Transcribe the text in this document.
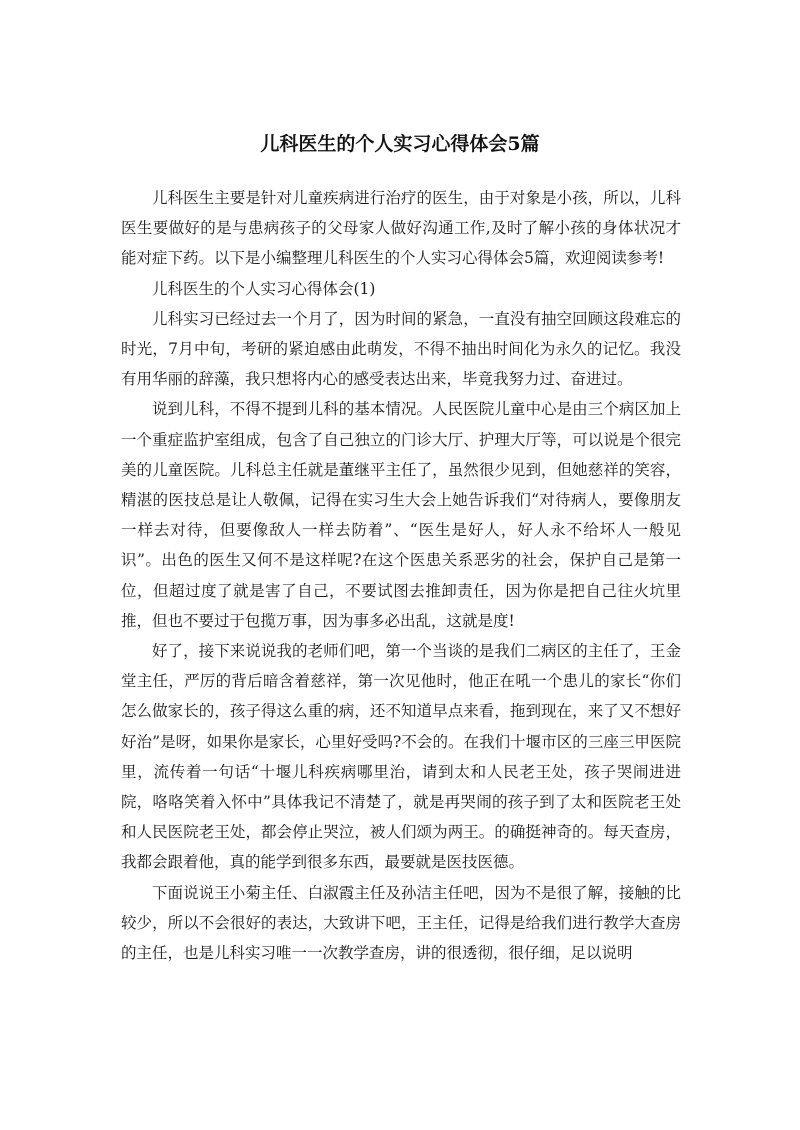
儿科医生的个人实习心得体会5篇

儿科医生主要是针对儿童疾病进行治疗的医生，由于对象是小孩，所以，儿科医生要做好的是与患病孩子的父母家人做好沟通工作,及时了解小孩的身体状况才能对症下药。以下是小编整理儿科医生的个人实习心得体会5篇，欢迎阅读参考!

儿科医生的个人实习心得体会(1)

儿科实习已经过去一个月了，因为时间的紧急，一直没有抽空回顾这段难忘的时光，7月中旬，考研的紧迫感由此萌发，不得不抽出时间化为永久的记忆。我没有用华丽的辞藻，我只想将内心的感受表达出来，毕竟我努力过、奋进过。

说到儿科，不得不提到儿科的基本情况。人民医院儿童中心是由三个病区加上一个重症监护室组成，包含了自己独立的门诊大厅、护理大厅等，可以说是个很完美的儿童医院。儿科总主任就是董继平主任了，虽然很少见到，但她慈祥的笑容，精湛的医技总是让人敬佩，记得在实习生大会上她告诉我们“对待病人，要像朋友一样去对待，但要像敌人一样去防着”、“医生是好人，好人永不给坏人一般见识”。出色的医生又何不是这样呢?在这个医患关系恶劣的社会，保护自己是第一位，但超过度了就是害了自己，不要试图去推卸责任，因为你是把自己往火坑里推，但也不要过于包揽万事，因为事多必出乱，这就是度!

好了，接下来说说我的老师们吧，第一个当谈的是我们二病区的主任了，王金堂主任，严厉的背后暗含着慈祥，第一次见他时，他正在吼一个患儿的家长“你们怎么做家长的，孩子得这么重的病，还不知道早点来看，拖到现在，来了又不想好好治”是呀，如果你是家长，心里好受吗?不会的。在我们十堰市区的三座三甲医院里，流传着一句话“十堰儿科疾病哪里治，请到太和人民老王处，孩子哭闹进进院，咯咯笑着入怀中”具体我记不清楚了，就是再哭闹的孩子到了太和医院老王处和人民医院老王处，都会停止哭泣，被人们颂为两王。的确挺神奇的。每天查房，我都会跟着他，真的能学到很多东西，最要就是医技医德。

下面说说王小菊主任、白淑霞主任及孙洁主任吧，因为不是很了解，接触的比较少，所以不会很好的表达，大致讲下吧，王主任，记得是给我们进行教学大查房的主任，也是儿科实习唯一一次教学查房，讲的很透彻，很仔细，足以说明
